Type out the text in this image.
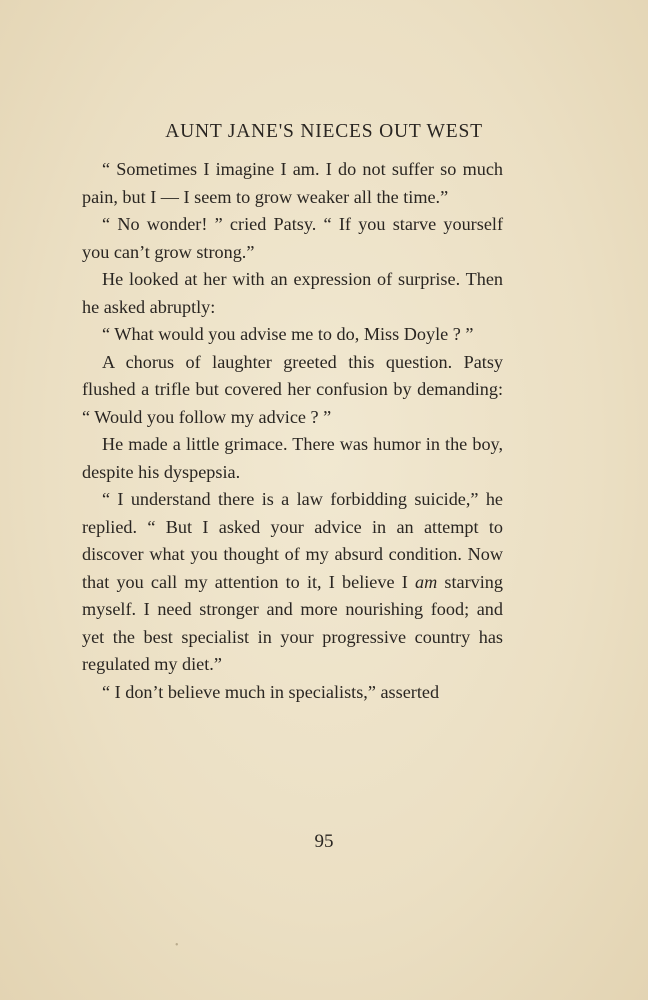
AUNT JANE'S NIECES OUT WEST

“ Sometimes I imagine I am. I do not suffer so much pain, but I — I seem to grow weaker all the time.”

“ No wonder! ” cried Patsy. “ If you starve yourself you can’t grow strong.”

He looked at her with an expression of surprise. Then he asked abruptly:

“ What would you advise me to do, Miss Doyle ? ”

A chorus of laughter greeted this question. Patsy flushed a trifle but covered her confusion by demanding: “ Would you follow my advice ? ”

He made a little grimace. There was humor in the boy, despite his dyspepsia.

“ I understand there is a law forbidding suicide,” he replied. “ But I asked your advice in an attempt to discover what you thought of my absurd condition. Now that you call my attention to it, I believe I am starving myself. I need stronger and more nourishing food; and yet the best specialist in your progressive country has regulated my diet.”

“ I don’t believe much in specialists,” asserted

95
•
